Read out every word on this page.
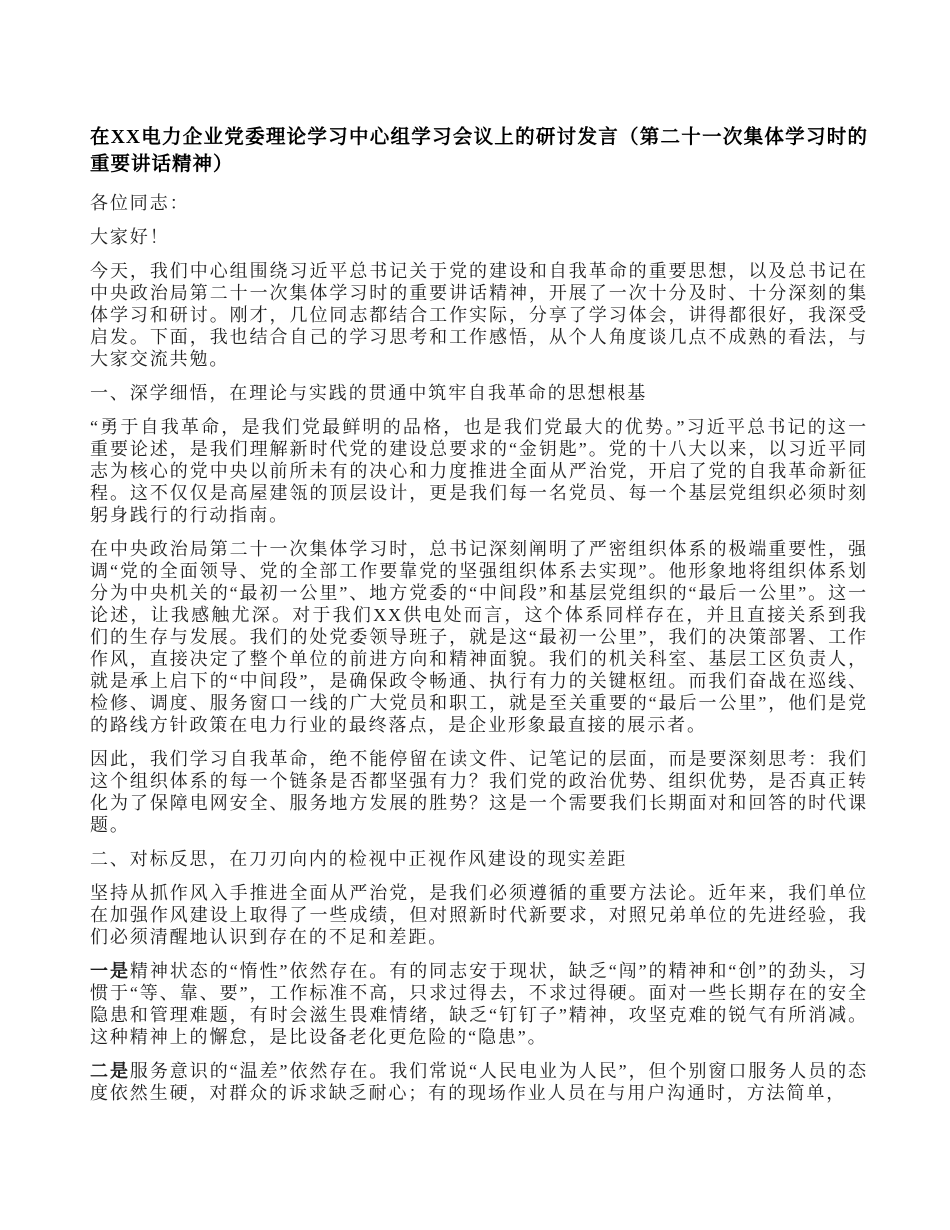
在XX电力企业党委理论学习中心组学习会议上的研讨发言（第二十一次集体学习时的重要讲话精神）

各位同志：

大家好！

今天，我们中心组围绕习近平总书记关于党的建设和自我革命的重要思想，以及总书记在中央政治局第二十一次集体学习时的重要讲话精神，开展了一次十分及时、十分深刻的集体学习和研讨。刚才，几位同志都结合工作实际，分享了学习体会，讲得都很好，我深受启发。下面，我也结合自己的学习思考和工作感悟，从个人角度谈几点不成熟的看法，与大家交流共勉。

一、深学细悟，在理论与实践的贯通中筑牢自我革命的思想根基

“勇于自我革命，是我们党最鲜明的品格，也是我们党最大的优势。”习近平总书记的这一重要论述，是我们理解新时代党的建设总要求的“金钥匙”。党的十八大以来，以习近平同志为核心的党中央以前所未有的决心和力度推进全面从严治党，开启了党的自我革命新征程。这不仅仅是高屋建瓴的顶层设计，更是我们每一名党员、每一个基层党组织必须时刻躬身践行的行动指南。

在中央政治局第二十一次集体学习时，总书记深刻阐明了严密组织体系的极端重要性，强调“党的全面领导、党的全部工作要靠党的坚强组织体系去实现”。他形象地将组织体系划分为中央机关的“最初一公里”、地方党委的“中间段”和基层党组织的“最后一公里”。这一论述，让我感触尤深。对于我们XX供电处而言，这个体系同样存在，并且直接关系到我们的生存与发展。我们的处党委领导班子，就是这“最初一公里”，我们的决策部署、工作作风，直接决定了整个单位的前进方向和精神面貌。我们的机关科室、基层工区负责人，就是承上启下的“中间段”，是确保政令畅通、执行有力的关键枢纽。而我们奋战在巡线、检修、调度、服务窗口一线的广大党员和职工，就是至关重要的“最后一公里”，他们是党的路线方针政策在电力行业的最终落点，是企业形象最直接的展示者。

因此，我们学习自我革命，绝不能停留在读文件、记笔记的层面，而是要深刻思考：我们这个组织体系的每一个链条是否都坚强有力？我们党的政治优势、组织优势，是否真正转化为了保障电网安全、服务地方发展的胜势？这是一个需要我们长期面对和回答的时代课题。

二、对标反思，在刀刃向内的检视中正视作风建设的现实差距

坚持从抓作风入手推进全面从严治党，是我们必须遵循的重要方法论。近年来，我们单位在加强作风建设上取得了一些成绩，但对照新时代新要求，对照兄弟单位的先进经验，我们必须清醒地认识到存在的不足和差距。

一是精神状态的“惰性”依然存在。有的同志安于现状，缺乏“闯”的精神和“创”的劲头，习惯于“等、靠、要”，工作标准不高，只求过得去，不求过得硬。面对一些长期存在的安全隐患和管理难题，有时会滋生畏难情绪，缺乏“钉钉子”精神，攻坚克难的锐气有所消减。这种精神上的懈怠，是比设备老化更危险的“隐患”。

二是服务意识的“温差”依然存在。我们常说“人民电业为人民”，但个别窗口服务人员的态度依然生硬，对群众的诉求缺乏耐心；有的现场作业人员在与用户沟通时，方法简单，
